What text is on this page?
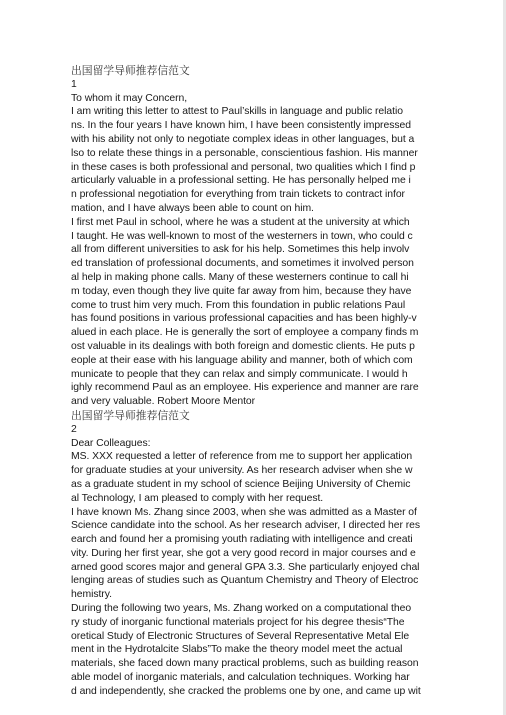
出国留学导师推荐信范文
1
To whom it may Concern,
I am writing this letter to attest to Paul’skills in language and public relatio
ns. In the four years I have known him, I have been consistently impressed
with his ability not only to negotiate complex ideas in other languages, but a
lso to relate these things in a personable, conscientious fashion. His manner
in these cases is both professional and personal, two qualities which I find p
articularly valuable in a professional setting. He has personally helped me i
n professional negotiation for everything from train tickets to contract infor
mation, and I have always been able to count on him.
I first met Paul in school, where he was a student at the university at which
I taught. He was well-known to most of the westerners in town, who could c
all from different universities to ask for his help. Sometimes this help involv
ed translation of professional documents, and sometimes it involved person
al help in making phone calls. Many of these westerners continue to call hi
m today, even though they live quite far away from him, because they have
come to trust him very much. From this foundation in public relations Paul
has found positions in various professional capacities and has been highly-v
alued in each place. He is generally the sort of employee a company finds m
ost valuable in its dealings with both foreign and domestic clients. He puts p
eople at their ease with his language ability and manner, both of which com
municate to people that they can relax and simply communicate. I would h
ighly recommend Paul as an employee. His experience and manner are rare
and very valuable. Robert Moore Mentor
出国留学导师推荐信范文
2
Dear Colleagues:
MS. XXX requested a letter of reference from me to support her application
for graduate studies at your university. As her research adviser when she w
as a graduate student in my school of science Beijing University of Chemic
al Technology, I am pleased to comply with her request.
I have known Ms. Zhang since 2003, when she was admitted as a Master of
Science candidate into the school. As her research adviser, I directed her res
earch and found her a promising youth radiating with intelligence and creati
vity. During her first year, she got a very good record in major courses and e
arned good scores major and general GPA 3.3. She particularly enjoyed chal
lenging areas of studies such as Quantum Chemistry and Theory of Electroc
hemistry.
During the following two years, Ms. Zhang worked on a computational theo
ry study of inorganic functional materials project for his degree thesis“The
oretical Study of Electronic Structures of Several Representative Metal Ele
ment in the Hydrotalcite Slabs”To make the theory model meet the actual
materials, she faced down many practical problems, such as building reason
able model of inorganic materials, and calculation techniques. Working har
d and independently, she cracked the problems one by one, and came up wit
